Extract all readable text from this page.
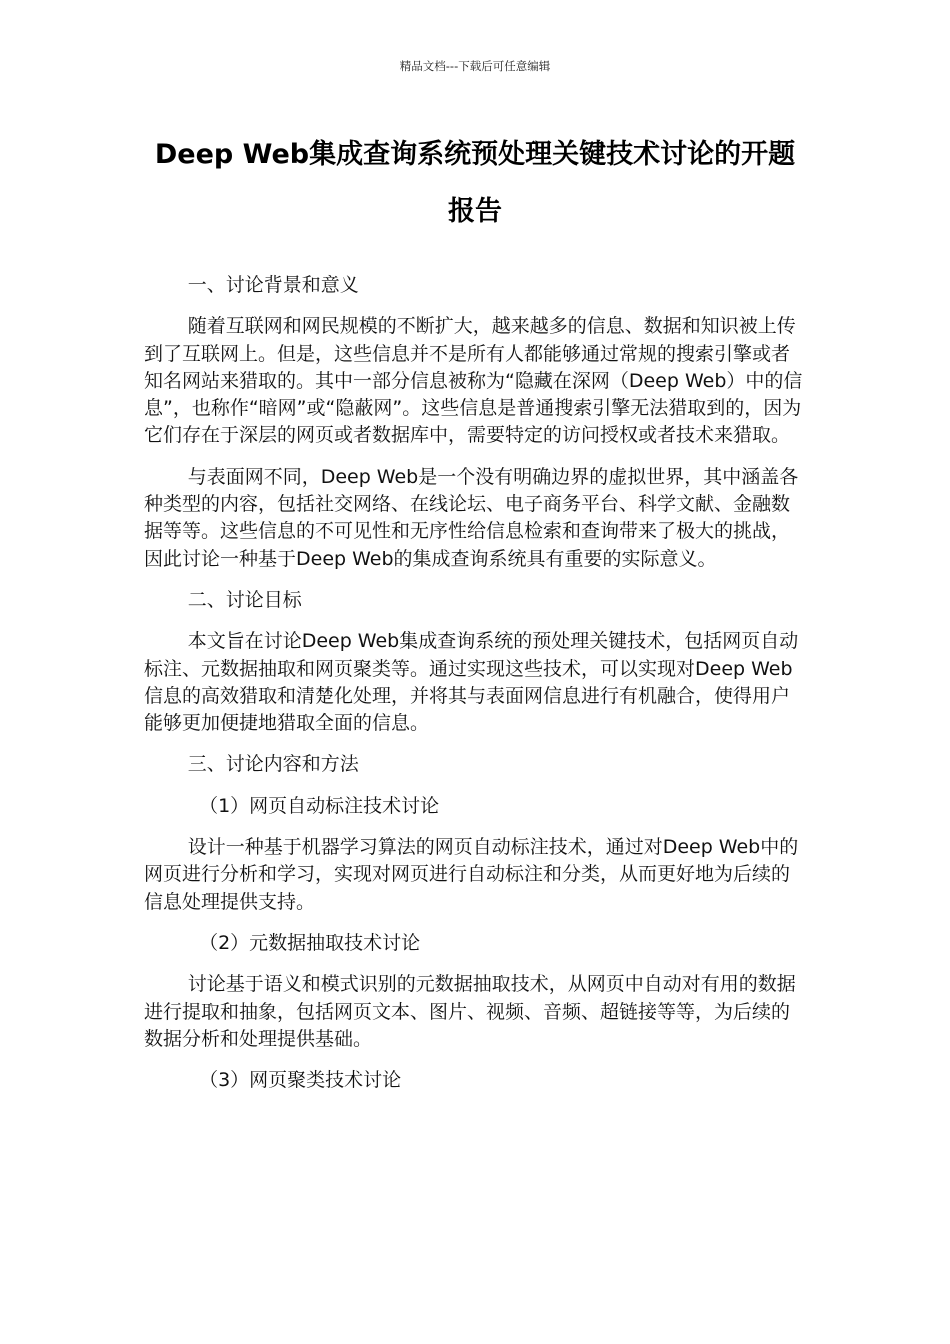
精品文档---下载后可任意编辑
Deep Web集成查询系统预处理关键技术讨论的开题
报告

一、讨论背景和意义

随着互联网和网民规模的不断扩大，越来越多的信息、数据和知识被上传到了互联网上。但是，这些信息并不是所有人都能够通过常规的搜索引擎或者知名网站来猎取的。其中一部分信息被称为“隐藏在深网（Deep Web）中的信息”，也称作“暗网”或“隐蔽网”。这些信息是普通搜索引擎无法猎取到的，因为它们存在于深层的网页或者数据库中，需要特定的访问授权或者技术来猎取。

与表面网不同，Deep Web是一个没有明确边界的虚拟世界，其中涵盖各种类型的内容，包括社交网络、在线论坛、电子商务平台、科学文献、金融数据等等。这些信息的不可见性和无序性给信息检索和查询带来了极大的挑战，因此讨论一种基于Deep Web的集成查询系统具有重要的实际意义。

二、讨论目标

本文旨在讨论Deep Web集成查询系统的预处理关键技术，包括网页自动标注、元数据抽取和网页聚类等。通过实现这些技术，可以实现对Deep Web信息的高效猎取和清楚化处理，并将其与表面网信息进行有机融合，使得用户能够更加便捷地猎取全面的信息。

三、讨论内容和方法

（1）网页自动标注技术讨论

设计一种基于机器学习算法的网页自动标注技术，通过对Deep Web中的网页进行分析和学习，实现对网页进行自动标注和分类，从而更好地为后续的信息处理提供支持。

（2）元数据抽取技术讨论

讨论基于语义和模式识别的元数据抽取技术，从网页中自动对有用的数据进行提取和抽象，包括网页文本、图片、视频、音频、超链接等等，为后续的数据分析和处理提供基础。

（3）网页聚类技术讨论
